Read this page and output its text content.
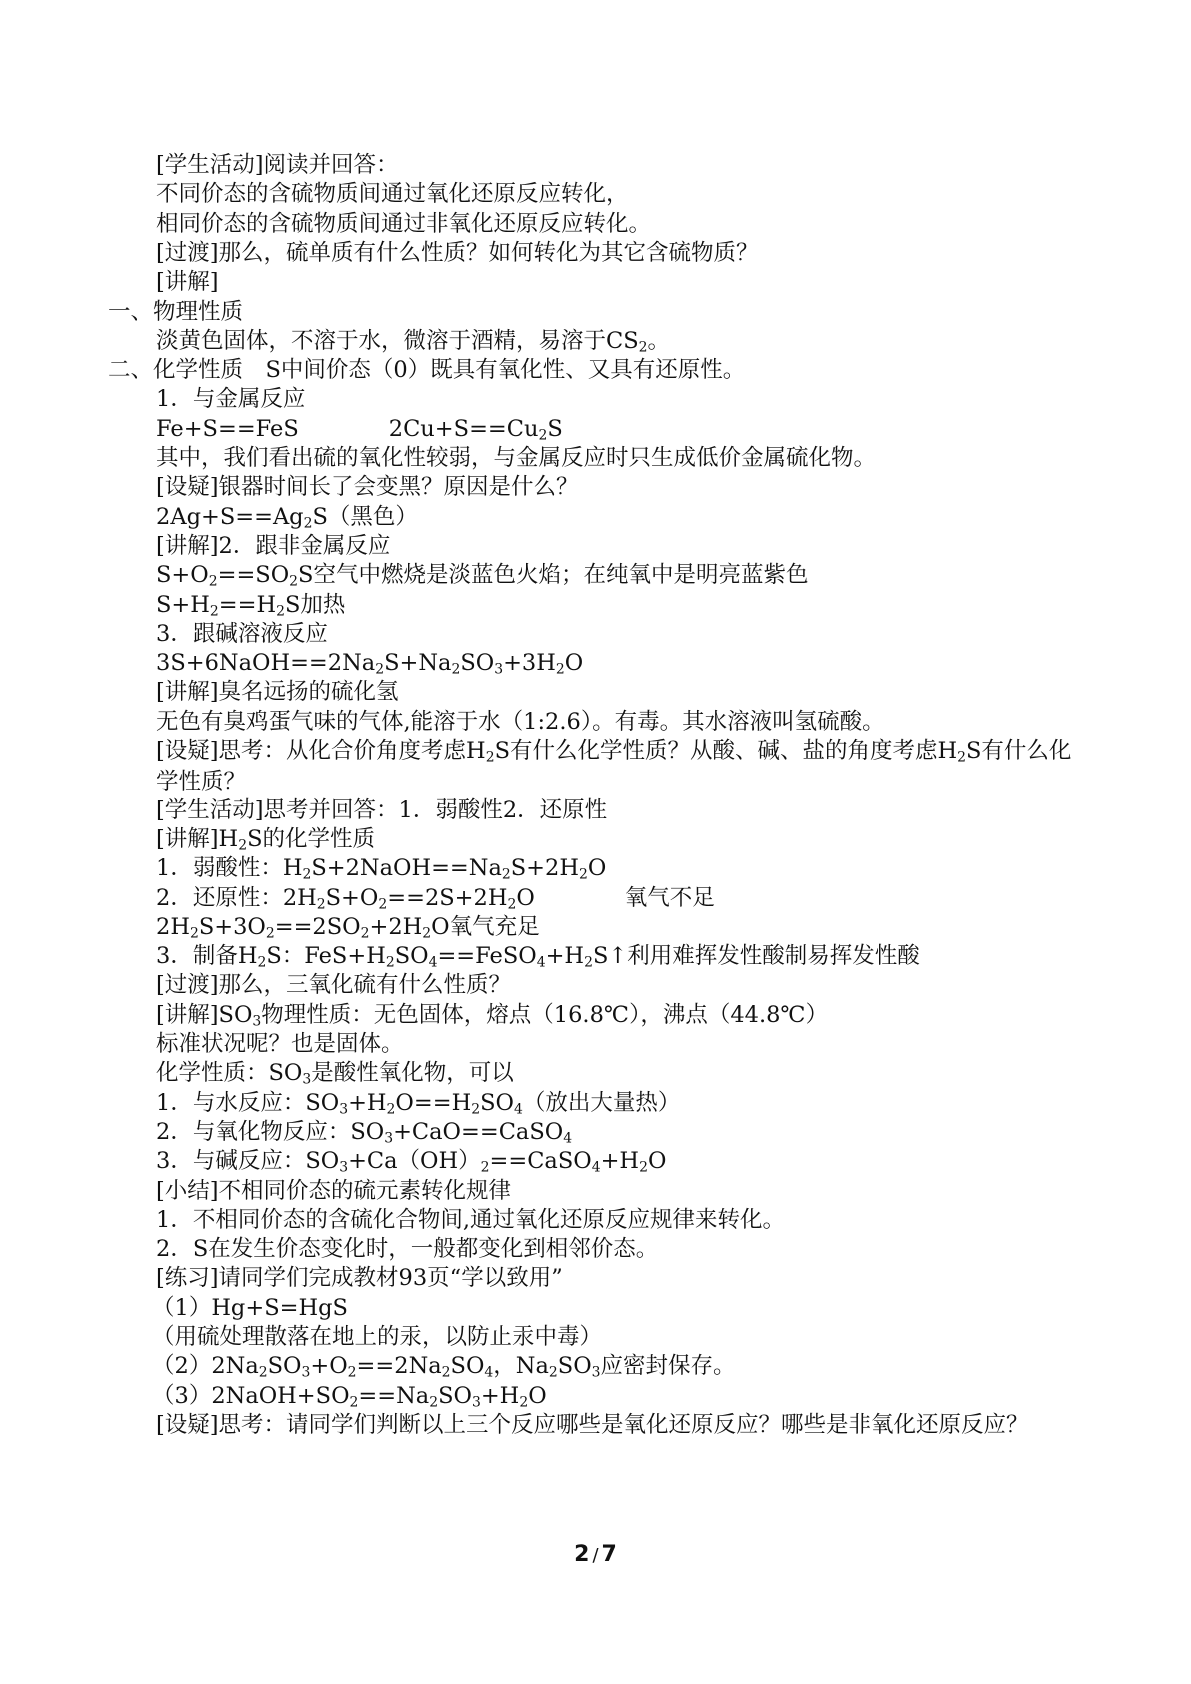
[学生活动]阅读并回答：
不同价态的含硫物质间通过氧化还原反应转化，
相同价态的含硫物质间通过非氧化还原反应转化。
[过渡]那么，硫单质有什么性质？如何转化为其它含硫物质？
[讲解]
一、物理性质
淡黄色固体，不溶于水，微溶于酒精，易溶于$CS_2$。
二、化学性质　S中间价态（0）既具有氧化性、又具有还原性。
1．与金属反应
Fe+S==FeS　　　　$2Cu+S==Cu_2S$
其中，我们看出硫的氧化性较弱，与金属反应时只生成低价金属硫化物。
[设疑]银器时间长了会变黑？原因是什么？
$2Ag+S==Ag_2S$（黑色）
[讲解]2．跟非金属反应
$S+O_2==SO_2S$空气中燃烧是淡蓝色火焰；在纯氧中是明亮蓝紫色
$S+H_2==H_2S$加热
3．跟碱溶液反应
$3S+6NaOH==2Na_2S+Na_2SO_3+3H_2O$
[讲解]臭名远扬的硫化氢
无色有臭鸡蛋气味的气体,能溶于水（1:2.6）。有毒。其水溶液叫氢硫酸。
[设疑]思考：从化合价角度考虑$H_2S$有什么化学性质？从酸、碱、盐的角度考虑$H_2S$有什么化学性质？
[学生活动]思考并回答：1．弱酸性2．还原性
[讲解]$H_2S$的化学性质
1．弱酸性：$H_2S+2NaOH==Na_2S+2H_2O$
2．还原性：$2H_2S+O_2==2S+2H_2O$　　　　氧气不足
$2H_2S+3O_2==2SO_2+2H_2O$氧气充足
3．制备$H_2S$：$FeS+H_2SO_4==FeSO_4+H_2S↑$利用难挥发性酸制易挥发性酸
[过渡]那么，三氧化硫有什么性质？
[讲解]$SO_3$物理性质：无色固体，熔点（16.8℃），沸点（44.8℃）
标准状况呢？也是固体。
化学性质：$SO_3$是酸性氧化物，可以
1．与水反应：$SO_3+H_2O==H_2SO_4$（放出大量热）
2．与氧化物反应：$SO_3+CaO==CaSO_4$
3．与碱反应：$SO_3+Ca(OH)_2==CaSO_4+H_2O$
[小结]不相同价态的硫元素转化规律
1．不相同价态的含硫化合物间,通过氧化还原反应规律来转化。
2．S在发生价态变化时，一般都变化到相邻价态。
[练习]请同学们完成教材93页“学以致用”
（1）Hg+S=HgS
（用硫处理散落在地上的汞，以防止汞中毒）
$(2)2Na_2SO_3+O_2==2Na_2SO_4$，$Na_2SO_3$应密封保存。
$(3)2NaOH+SO_2==Na_2SO_3+H_2O$
[设疑]思考：请同学们判断以上三个反应哪些是氧化还原反应？哪些是非氧化还原反应？
2 / 7
